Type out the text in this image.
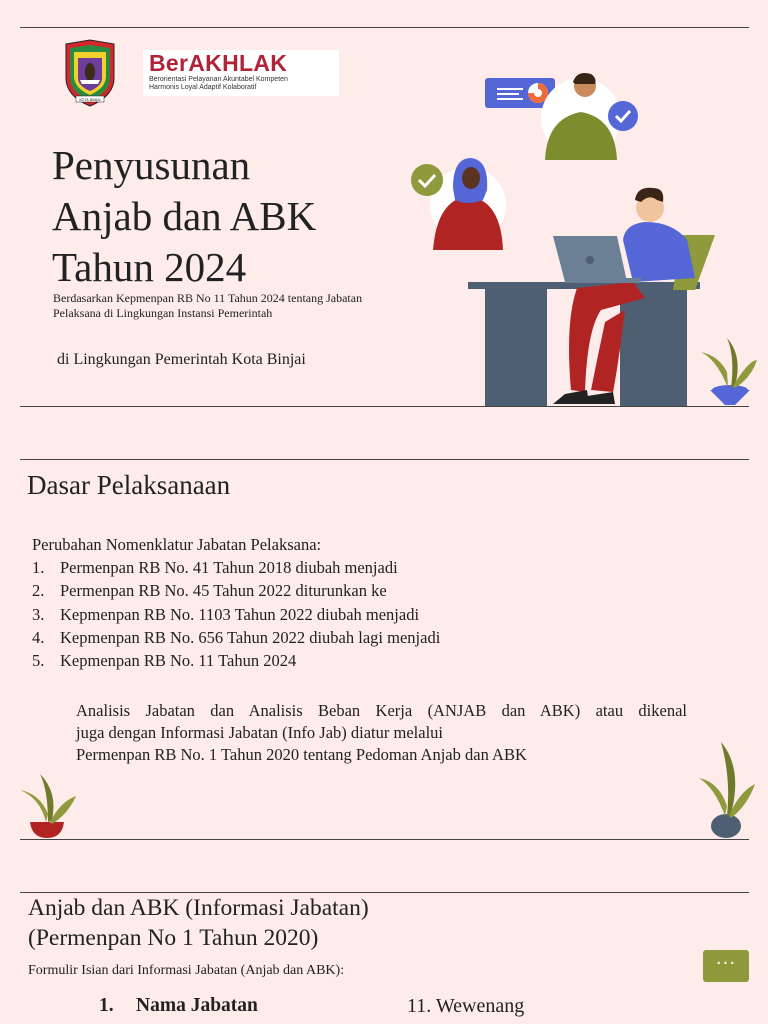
KOTA BINJAI
BerAKHLAK
Berorientasi Pelayanan Akuntabel Kompeten
Harmonis Loyal Adaptif Kolaboratif
Penyusunan
Anjab dan ABK
Tahun 2024
Berdasarkan Kepmenpan RB No 11 Tahun 2024 tentang Jabatan Pelaksana di Lingkungan Instansi Pemerintah
di Lingkungan Pemerintah Kota Binjai
Dasar Pelaksanaan
Perubahan Nomenklatur Jabatan Pelaksana:
1. Permenpan RB No. 41 Tahun 2018 diubah menjadi
2. Permenpan RB No. 45 Tahun 2022 diturunkan ke
3. Kepmenpan RB No. 1103 Tahun 2022 diubah menjadi
4. Kepmenpan RB No. 656 Tahun 2022 diubah lagi menjadi
5. Kepmenpan RB No. 11 Tahun 2024
Analisis Jabatan dan Analisis Beban Kerja (ANJAB dan ABK) atau dikenal
juga dengan Informasi Jabatan (Info Jab) diatur melalui
Permenpan RB No. 1 Tahun 2020 tentang Pedoman Anjab dan ABK
Anjab dan ABK (Informasi Jabatan)
(Permenpan No 1 Tahun 2020)
Formulir Isian dari Informasi Jabatan (Anjab dan ABK):
1. Nama Jabatan	11. Wewenang
···
